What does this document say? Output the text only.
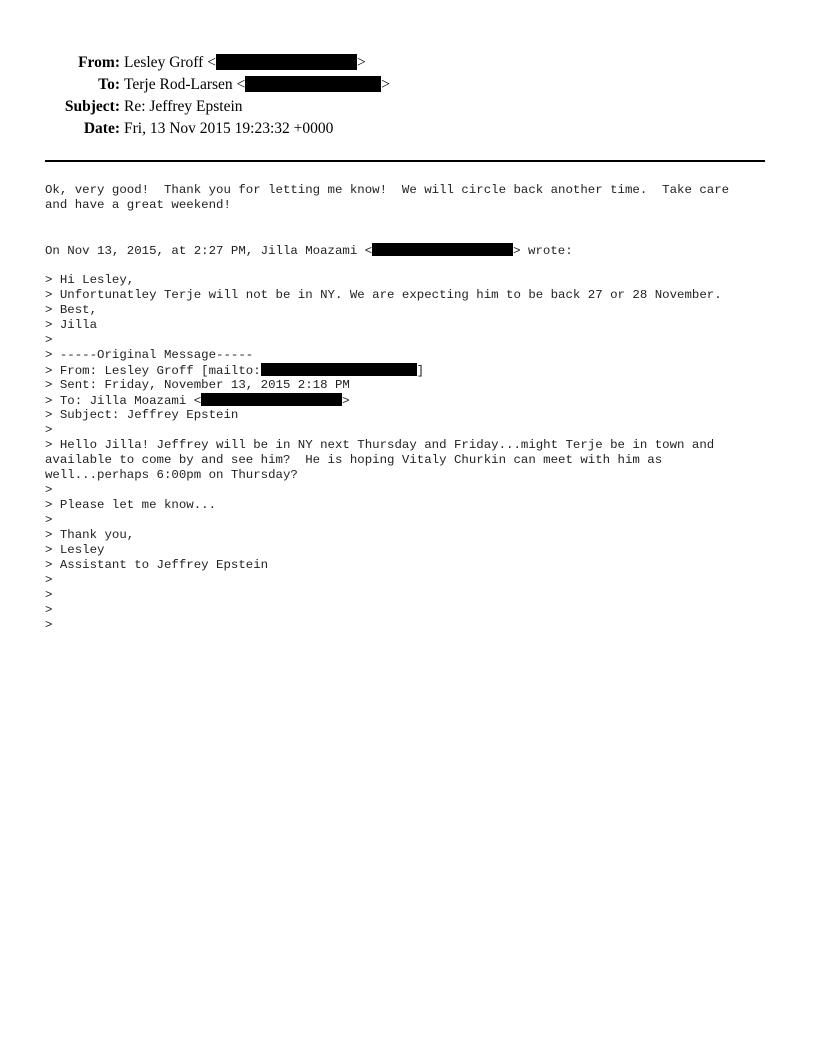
From: Lesley Groff <	>
To: Terje Rod-Larsen <	>
Subject: Re: Jeffrey Epstein
Date: Fri, 13 Nov 2015 19:23:32 +0000
Ok, very good!  Thank you for letting me know!  We will circle back another time.  Take care
and have a great weekend!
On Nov 13, 2015, at 2:27 PM, Jilla Moazami <	> wrote:
> Hi Lesley,
> Unfortunatley Terje will not be in NY. We are expecting him to be back 27 or 28 November.
> Best,
> Jilla
>
> -----Original Message-----
> From: Lesley Groff [mailto:	]
> Sent: Friday, November 13, 2015 2:18 PM
> To: Jilla Moazami <	>
> Subject: Jeffrey Epstein
>
> Hello Jilla! Jeffrey will be in NY next Thursday and Friday...might Terje be in town and
available to come by and see him?  He is hoping Vitaly Churkin can meet with him as
well...perhaps 6:00pm on Thursday?
>
> Please let me know...
>
> Thank you,
> Lesley
> Assistant to Jeffrey Epstein
>
>
>
>
